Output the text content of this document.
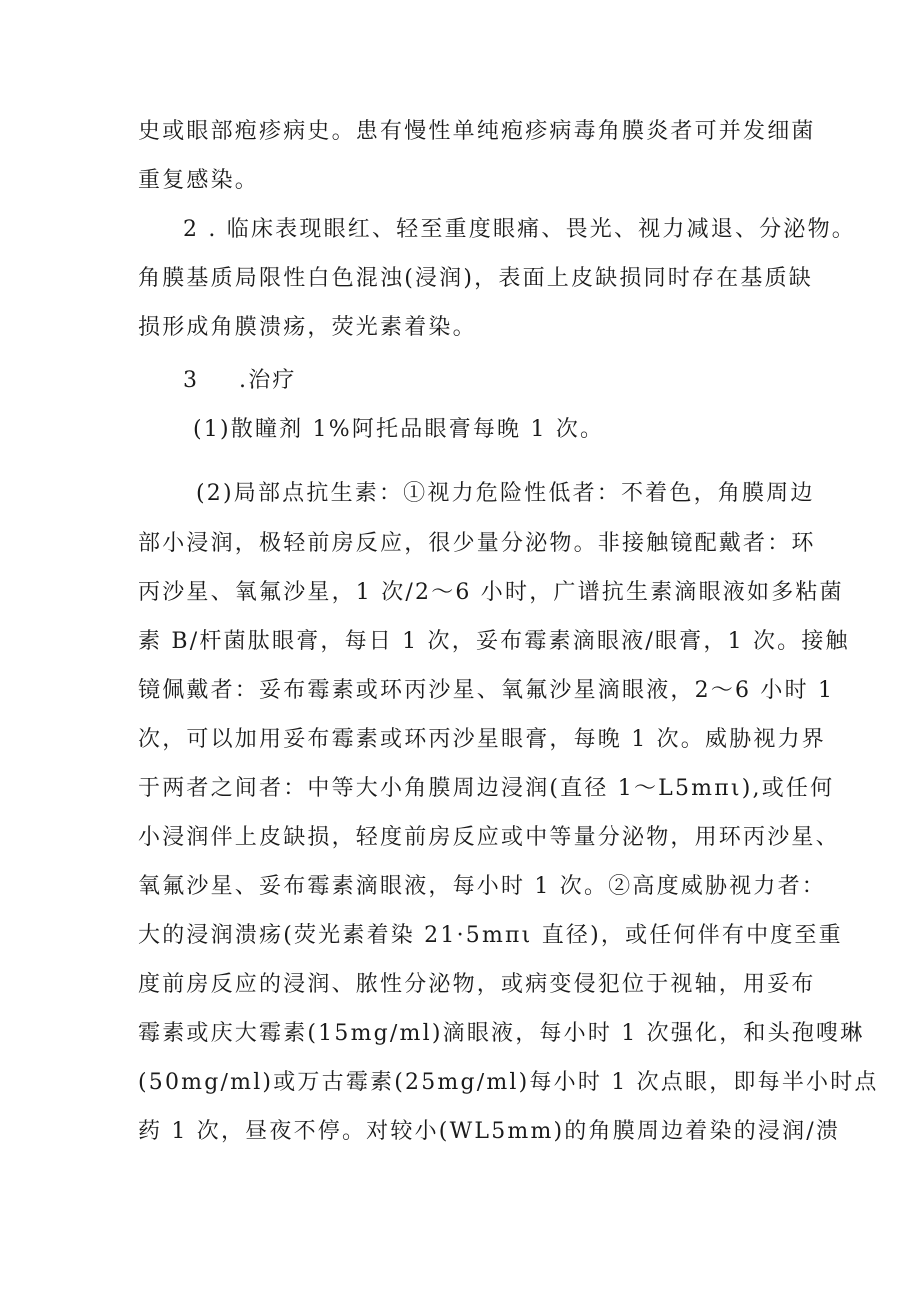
史或眼部疱疹病史。患有慢性单纯疱疹病毒角膜炎者可并发细菌
重复感染。
2 . 临床表现眼红、轻至重度眼痛、畏光、视力减退、分泌物。
角膜基质局限性白色混浊(浸润)，表面上皮缺损同时存在基质缺
损形成角膜溃疡，荧光素着染。
3 .治疗
(1)散瞳剂 1%阿托品眼膏每晚 1 次。
(2)局部点抗生素：①视力危险性低者：不着色，角膜周边
部小浸润，极轻前房反应，很少量分泌物。非接触镜配戴者：环
丙沙星、氧氟沙星，1 次/2～6 小时，广谱抗生素滴眼液如多粘菌
素 B/杆菌肽眼膏，每日 1 次，妥布霉素滴眼液/眼膏，1 次。接触
镜佩戴者：妥布霉素或环丙沙星、氧氟沙星滴眼液，2～6 小时 1
次，可以加用妥布霉素或环丙沙星眼膏，每晚 1 次。威胁视力界
于两者之间者：中等大小角膜周边浸润(直径 1～L5mπι),或任何
小浸润伴上皮缺损，轻度前房反应或中等量分泌物，用环丙沙星、
氧氟沙星、妥布霉素滴眼液，每小时 1 次。②高度威胁视力者：
大的浸润溃疡(荧光素着染 21·5mπι 直径)，或任何伴有中度至重
度前房反应的浸润、脓性分泌物，或病变侵犯位于视轴，用妥布
霉素或庆大霉素(15mg∕ml)滴眼液，每小时 1 次强化，和头孢嗖琳
(50mg∕ml)或万古霉素(25mg∕ml)每小时 1 次点眼，即每半小时点
药 1 次，昼夜不停。对较小(WL5mm)的角膜周边着染的浸润/溃
